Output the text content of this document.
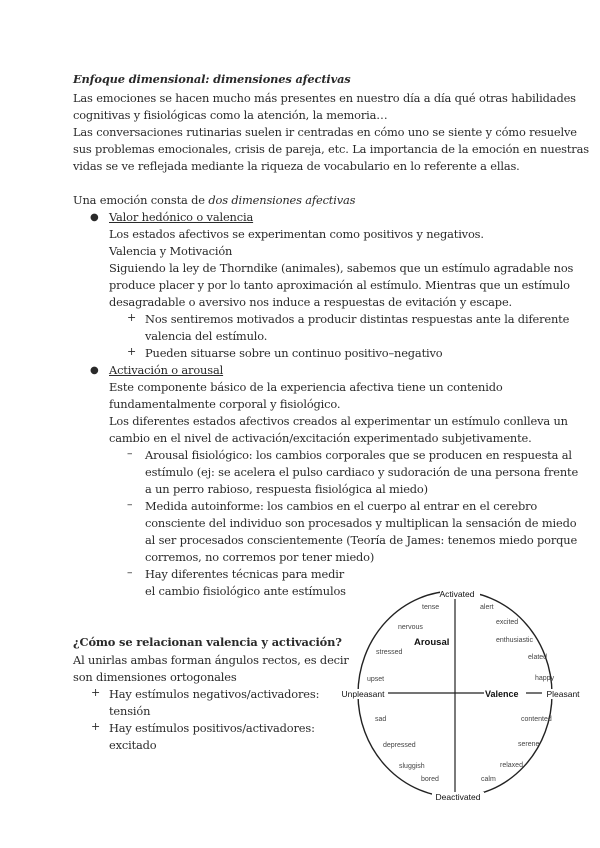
Enfoque dimensional: dimensiones afectivas
Las emociones se hacen mucho más presentes en nuestro día a día qué otras habilidades
cognitivas y fisiológicas como la atención, la memoria…
Las conversaciones rutinarias suelen ir centradas en cómo uno se siente y cómo resuelve
sus problemas emocionales, crisis de pareja, etc. La importancia de la emoción en nuestras
vidas se ve reflejada mediante la riqueza de vocabulario en lo referente a ellas.
Una emoción consta de dos dimensiones afectivas
● Valor hedónico o valencia
Los estados afectivos se experimentan como positivos y negativos.
Valencia y Motivación
Siguiendo la ley de Thorndike (animales), sabemos que un estímulo agradable nos
produce placer y por lo tanto aproximación al estímulo. Mientras que un estímulo
desagradable o aversivo nos induce a respuestas de evitación y escape.
+ Nos sentiremos motivados a producir distintas respuestas ante la diferente
valencia del estímulo.
+ Pueden situarse sobre un continuo positivo–negativo
● Activación o arousal
Este componente básico de la experiencia afectiva tiene un contenido
fundamentalmente corporal y fisiológico.
Los diferentes estados afectivos creados al experimentar un estímulo conlleva un
cambio en el nivel de activación/excitación experimentado subjetivamente.
– Arousal fisiológico: los cambios corporales que se producen en respuesta al
estímulo (ej: se acelera el pulso cardiaco y sudoración de una persona frente
a un perro rabioso, respuesta fisiológica al miedo)
– Medida autoinforme: los cambios en el cuerpo al entrar en el cerebro
consciente del individuo son procesados y multiplican la sensación de miedo
al ser procesados conscientemente (Teoría de James: tenemos miedo porque
corremos, no corremos por tener miedo)
– Hay diferentes técnicas para medir
el cambio fisiológico ante estímulos
¿Cómo se relacionan valencia y activación?
Al unirlas ambas forman ángulos rectos, es decir
son dimensiones ortogonales
+ Hay estímulos negativos/activadores:
tensión
+ Hay estímulos positivos/activadores:
excitado
Activated
Deactivated
Unpleasant	Pleasant
Arousal
Valence
tense	alert
nervous
excited
stressed
enthusiastic
elated
upset	happy
sad	contented
depressed	serene
sluggish	relaxed
bored	calm
